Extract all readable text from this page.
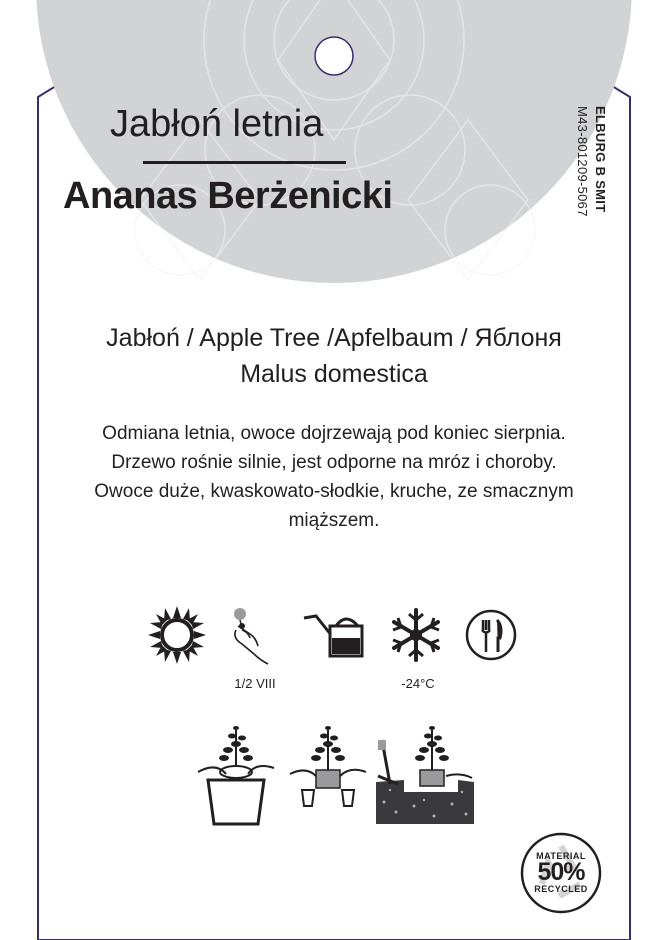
Jabłoń letnia
Ananas Berżenicki	ELBURG B SMIT
M43-801209-5067
Jabłoń / Apple Tree /Apfelbaum / Яблоня
Malus domestica
Odmiana letnia, owoce dojrzewają pod koniec sierpnia.
Drzewo rośnie silnie, jest odporne na mróz i choroby.
Owoce duże, kwaskowato-słodkie, kruche, ze smacznym
miąższem.
1/2 VIII	-24°C
MATERIAL
50%
RECYCLED
